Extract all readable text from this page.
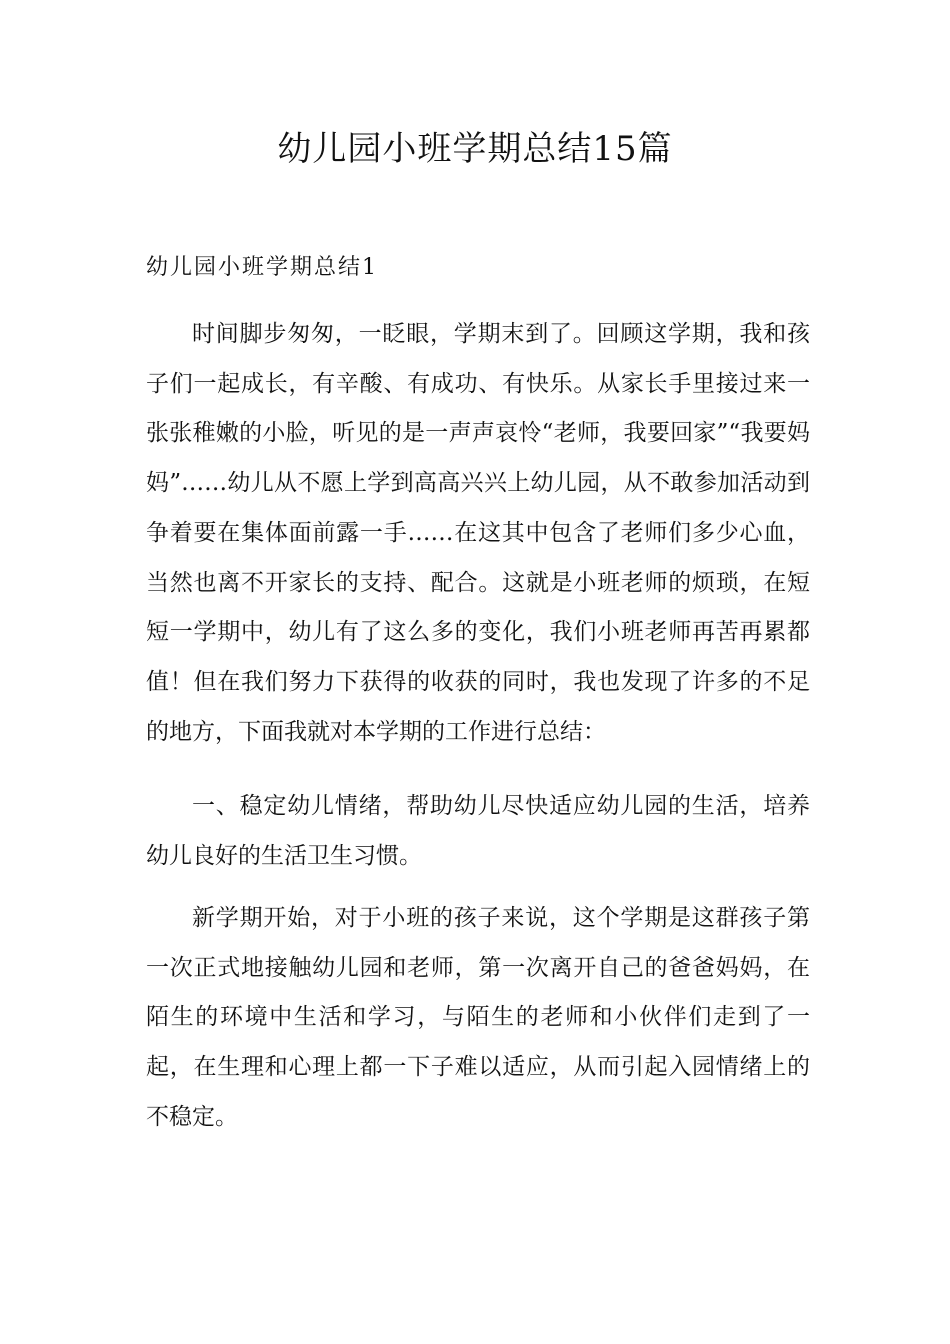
幼儿园小班学期总结15篇
幼儿园小班学期总结1

时间脚步匆匆，一眨眼，学期末到了。回顾这学期，我和孩子们一起成长，有辛酸、有成功、有快乐。从家长手里接过来一张张稚嫩的小脸，听见的是一声声哀怜“老师，我要回家”“我要妈妈”……幼儿从不愿上学到高高兴兴上幼儿园，从不敢参加活动到争着要在集体面前露一手……在这其中包含了老师们多少心血，当然也离不开家长的支持、配合。这就是小班老师的烦琐，在短短一学期中，幼儿有了这么多的变化，我们小班老师再苦再累都值！但在我们努力下获得的收获的同时，我也发现了许多的不足的地方，下面我就对本学期的工作进行总结：

一、稳定幼儿情绪，帮助幼儿尽快适应幼儿园的生活，培养幼儿良好的生活卫生习惯。

新学期开始，对于小班的孩子来说，这个学期是这群孩子第一次正式地接触幼儿园和老师，第一次离开自己的爸爸妈妈，在陌生的环境中生活和学习，与陌生的老师和小伙伴们走到了一起，在生理和心理上都一下子难以适应，从而引起入园情绪上的不稳定。
